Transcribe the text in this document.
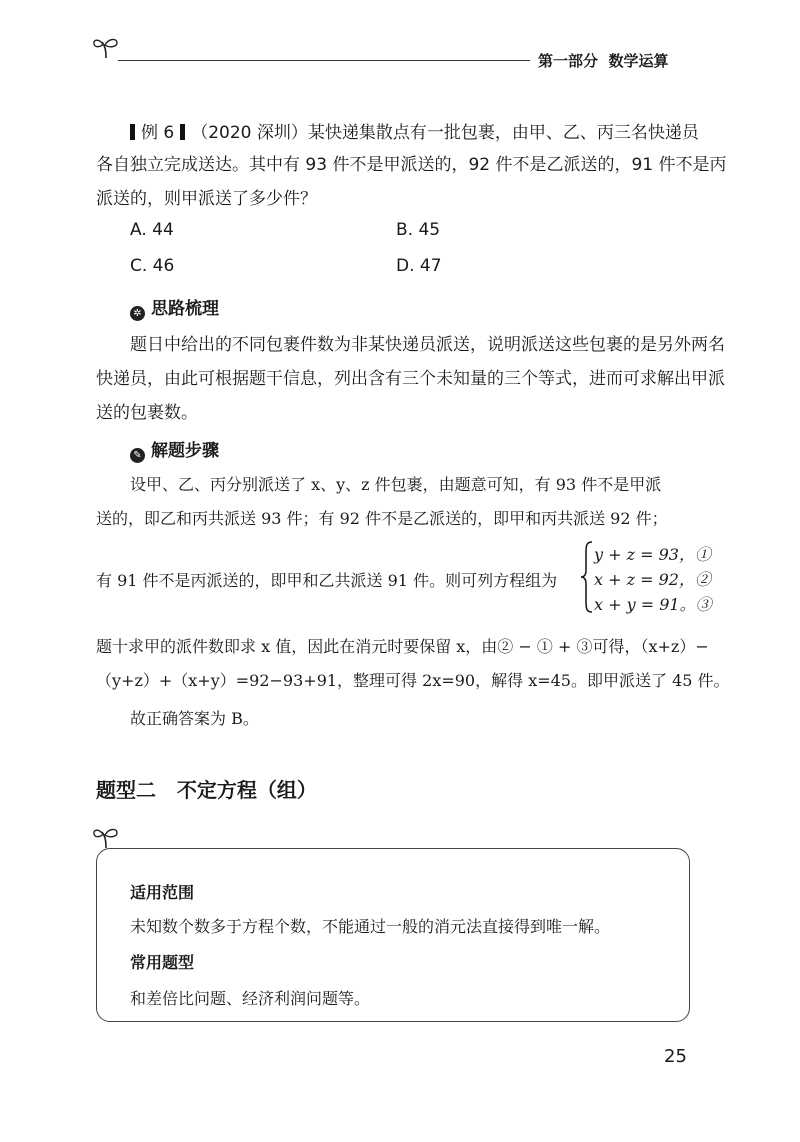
第一部分  数学运算
例 6 （2020 深圳）某快递集散点有一批包裹，由甲、乙、丙三名快递员
各自独立完成送达。其中有 93 件不是甲派送的，92 件不是乙派送的，91 件不是丙
派送的，则甲派送了多少件？
A. 44	B. 45
C. 46	D. 47
✲ 思路梳理
题日中给出的不同包裹件数为非某快递员派送，说明派送这些包裹的是另外两名
快递员，由此可根据题干信息，列出含有三个未知量的三个等式，进而可求解出甲派
送的包裹数。
✎ 解题步骤
设甲、乙、丙分别派送了 x、y、z 件包裹，由题意可知，有 93 件不是甲派
送的，即乙和丙共派送 93 件；有 92 件不是乙派送的，即甲和丙共派送 92 件；
有 91 件不是丙派送的，即甲和乙共派送 91 件。则可列方程组为
y + z = 93，①
x + z = 92，②
x + y = 91。③
题十求甲的派件数即求 x 值，因此在消元时要保留 x，由② − ① + ③可得，（x+z）−
（y+z）+（x+y）=92−93+91，整理可得 2x=90，解得 x=45。即甲派送了 45 件。
故正确答案为 B。
题型二   不定方程（组）
适用范围
未知数个数多于方程个数，不能通过一般的消元法直接得到唯一解。
常用题型
和差倍比问题、经济利润问题等。
25
